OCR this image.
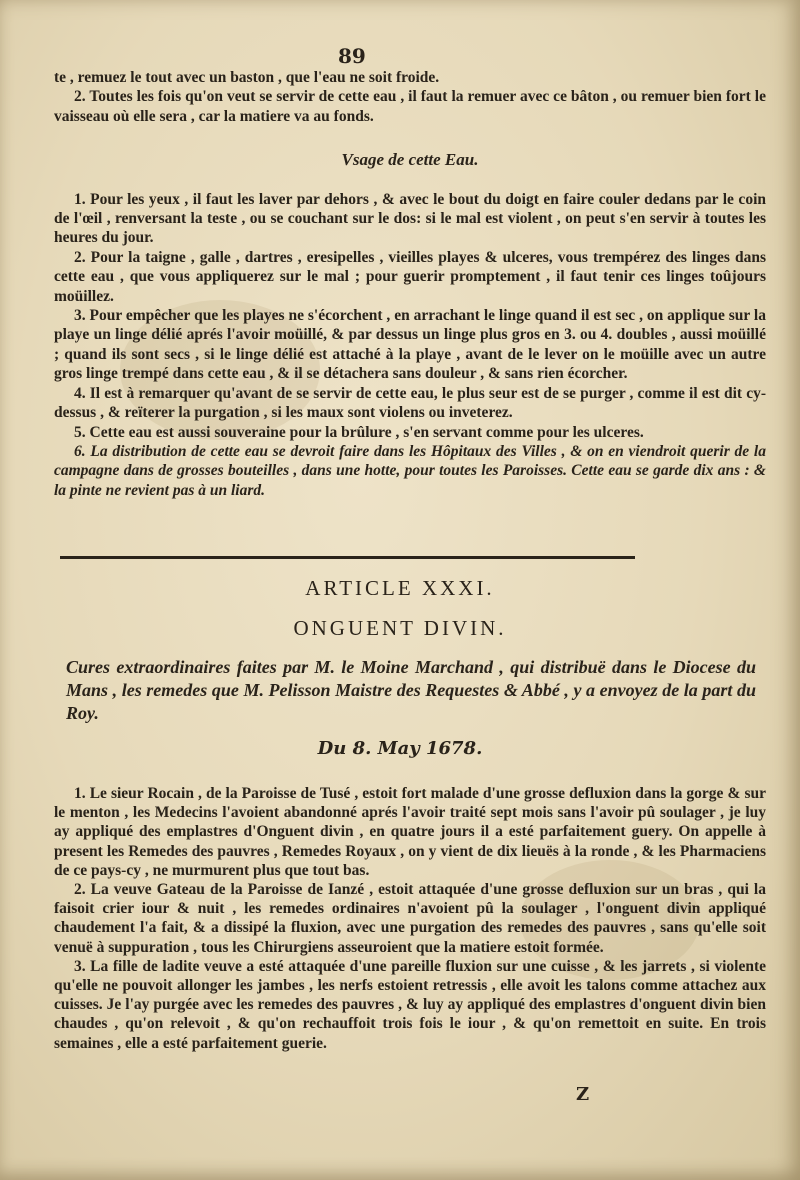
89

te , remuez le tout avec un baston , que l'eau ne soit froide.

2. Toutes les fois qu'on veut se servir de cette eau , il faut la remuer avec ce bâton , ou remuer bien fort le vaisseau où elle sera , car la matiere va au fonds.

Vsage de cette Eau.

1. Pour les yeux , il faut les laver par dehors , & avec le bout du doigt en faire couler dedans par le coin de l'œil , renversant la teste , ou se couchant sur le dos: si le mal est violent , on peut s'en servir à toutes les heures du jour.

2. Pour la taigne , galle , dartres , eresipelles , vieilles playes & ulceres, vous trempérez des linges dans cette eau , que vous appliquerez sur le mal ; pour guerir promptement , il faut tenir ces linges toûjours moüillez.

3. Pour empêcher que les playes ne s'écorchent , en arrachant le linge quand il est sec , on applique sur la playe un linge délié aprés l'avoir moüillé, & par dessus un linge plus gros en 3. ou 4. doubles , aussi moüillé ; quand ils sont secs , si le linge délié est attaché à la playe , avant de le lever on le moüille avec un autre gros linge trempé dans cette eau , & il se détachera sans douleur , & sans rien écorcher.

4. Il est à remarquer qu'avant de se servir de cette eau, le plus seur est de se purger , comme il est dit cy-dessus , & reïterer la purgation , si les maux sont violens ou inveterez.

5. Cette eau est aussi souveraine pour la brûlure , s'en servant comme pour les ulceres.

6. La distribution de cette eau se devroit faire dans les Hôpitaux des Villes , & on en viendroit querir de la campagne dans de grosses bouteilles , dans une hotte, pour toutes les Paroisses. Cette eau se garde dix ans : & la pinte ne revient pas à un liard.

ARTICLE XXXI.
ONGUENT DIVIN.
Cures extraordinaires faites par M. le Moine Marchand , qui distribuë dans le Diocese du Mans , les remedes que M. Pelisson Maistre des Requestes & Abbé , y a envoyez de la part du Roy.
Du 8. May 1678.

1. Le sieur Rocain , de la Paroisse de Tusé , estoit fort malade d'une grosse defluxion dans la gorge & sur le menton , les Medecins l'avoient abandonné aprés l'avoir traité sept mois sans l'avoir pû soulager , je luy ay appliqué des emplastres d'Onguent divin , en quatre jours il a esté parfaitement guery. On appelle à present les Remedes des pauvres , Remedes Royaux , on y vient de dix lieuës à la ronde , & les Pharmaciens de ce pays-cy , ne murmurent plus que tout bas.

2. La veuve Gateau de la Paroisse de Ianzé , estoit attaquée d'une grosse defluxion sur un bras , qui la faisoit crier iour & nuit , les remedes ordinaires n'avoient pû la soulager , l'onguent divin appliqué chaudement l'a fait, & a dissipé la fluxion, avec une purgation des remedes des pauvres , sans qu'elle soit venuë à suppuration , tous les Chirurgiens asseuroient que la matiere estoit formée.

3. La fille de ladite veuve a esté attaquée d'une pareille fluxion sur une cuisse , & les jarrets , si violente qu'elle ne pouvoit allonger les jambes , les nerfs estoient retressis , elle avoit les talons comme attachez aux cuisses. Je l'ay purgée avec les remedes des pauvres , & luy ay appliqué des emplastres d'onguent divin bien chaudes , qu'on relevoit , & qu'on rechauffoit trois fois le iour , & qu'on remettoit en suite. En trois semaines , elle a esté parfaitement guerie.

Z
